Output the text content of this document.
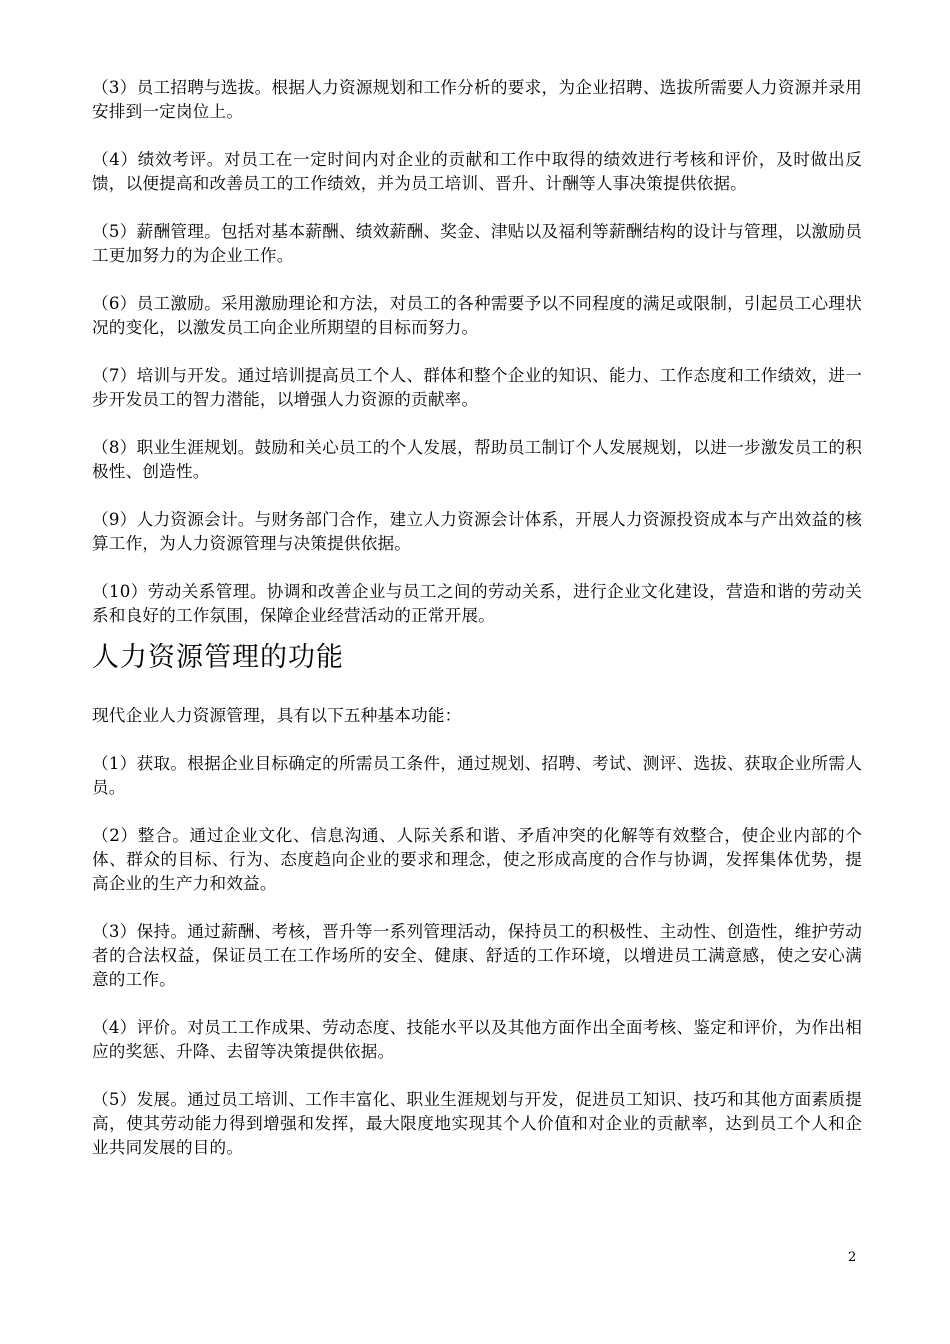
（3）员工招聘与选拔。根据人力资源规划和工作分析的要求，为企业招聘、选拔所需要人力资源并录用安排到一定岗位上。

（4）绩效考评。对员工在一定时间内对企业的贡献和工作中取得的绩效进行考核和评价，及时做出反馈，以便提高和改善员工的工作绩效，并为员工培训、晋升、计酬等人事决策提供依据。

（5）薪酬管理。包括对基本薪酬、绩效薪酬、奖金、津贴以及福利等薪酬结构的设计与管理，以激励员工更加努力的为企业工作。

（6）员工激励。采用激励理论和方法，对员工的各种需要予以不同程度的满足或限制，引起员工心理状况的变化，以激发员工向企业所期望的目标而努力。

（7）培训与开发。通过培训提高员工个人、群体和整个企业的知识、能力、工作态度和工作绩效，进一步开发员工的智力潜能，以增强人力资源的贡献率。

（8）职业生涯规划。鼓励和关心员工的个人发展，帮助员工制订个人发展规划，以进一步激发员工的积极性、创造性。

（9）人力资源会计。与财务部门合作，建立人力资源会计体系，开展人力资源投资成本与产出效益的核算工作，为人力资源管理与决策提供依据。

（10）劳动关系管理。协调和改善企业与员工之间的劳动关系，进行企业文化建设，营造和谐的劳动关系和良好的工作氛围，保障企业经营活动的正常开展。

人力资源管理的功能

现代企业人力资源管理，具有以下五种基本功能：

（1）获取。根据企业目标确定的所需员工条件，通过规划、招聘、考试、测评、选拔、获取企业所需人员。

（2）整合。通过企业文化、信息沟通、人际关系和谐、矛盾冲突的化解等有效整合，使企业内部的个体、群众的目标、行为、态度趋向企业的要求和理念，使之形成高度的合作与协调，发挥集体优势，提高企业的生产力和效益。

（3）保持。通过薪酬、考核，晋升等一系列管理活动，保持员工的积极性、主动性、创造性，维护劳动者的合法权益，保证员工在工作场所的安全、健康、舒适的工作环境，以增进员工满意感，使之安心满意的工作。

（4）评价。对员工工作成果、劳动态度、技能水平以及其他方面作出全面考核、鉴定和评价，为作出相应的奖惩、升降、去留等决策提供依据。

（5）发展。通过员工培训、工作丰富化、职业生涯规划与开发，促进员工知识、技巧和其他方面素质提高，使其劳动能力得到增强和发挥，最大限度地实现其个人价值和对企业的贡献率，达到员工个人和企业共同发展的目的。

2
